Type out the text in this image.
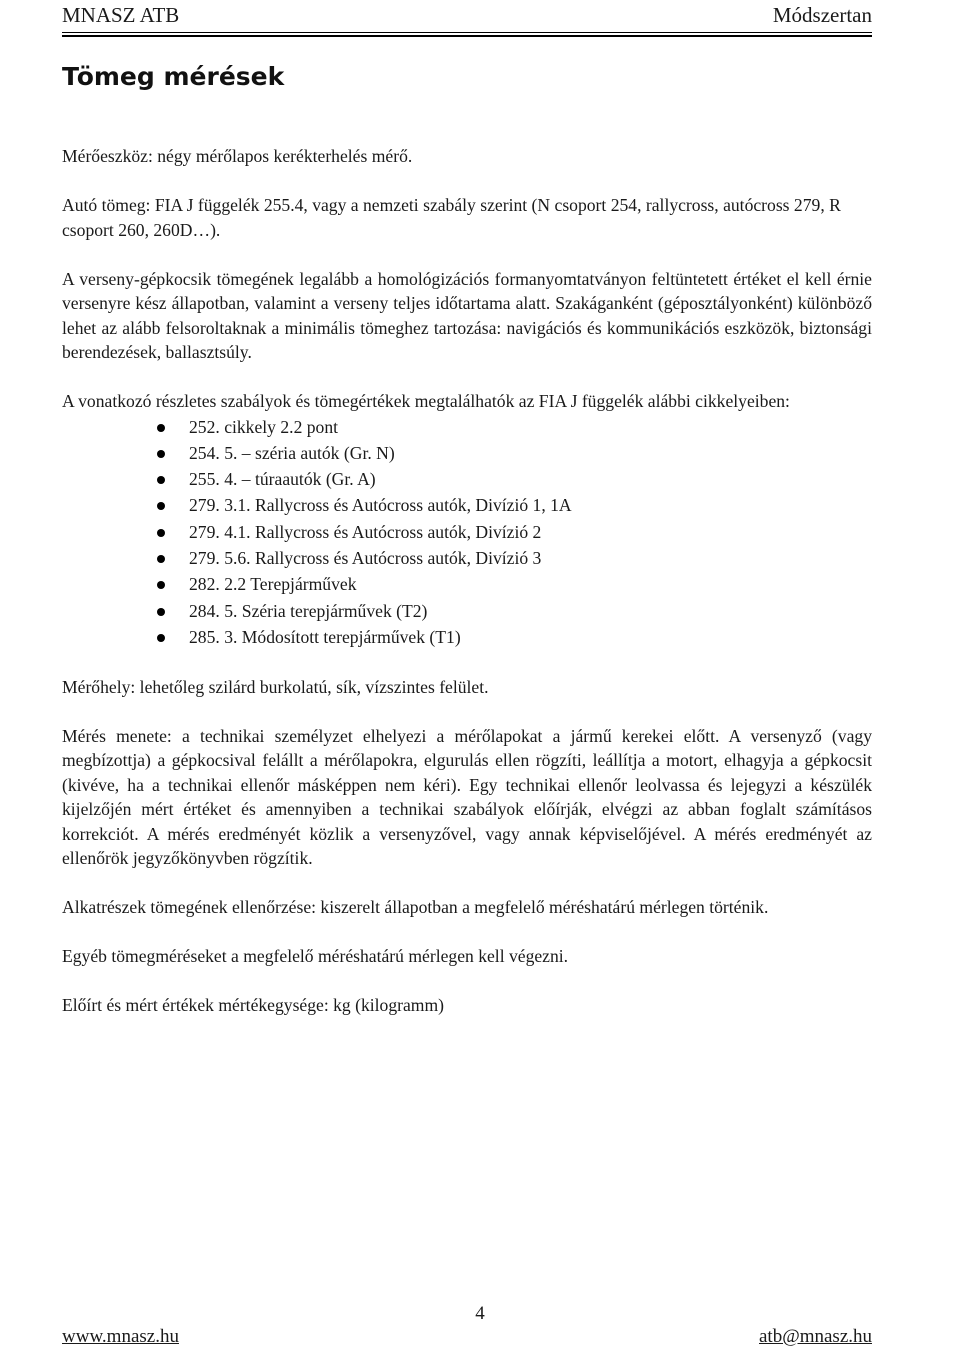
MNASZ ATB	Módszertan
Tömeg mérések

Mérőeszköz: négy mérőlapos kerékterhelés mérő.

Autó tömeg: FIA J függelék 255.4, vagy a nemzeti szabály szerint (N csoport 254, rallycross, autócross 279, R csoport 260, 260D…).

A verseny-gépkocsik tömegének legalább a homológizációs formanyomtatványon feltüntetett értéket el kell érnie versenyre kész állapotban, valamint a verseny teljes időtartama alatt. Szakáganként (géposztályonként) különböző lehet az alább felsoroltaknak a minimális tömeghez tartozása: navigációs és kommunikációs eszközök, biztonsági berendezések, ballasztsúly.

A vonatkozó részletes szabályok és tömegértékek megtalálhatók az FIA J függelék alábbi cikkelyeiben:

252. cikkely 2.2 pont
254. 5. – széria autók (Gr. N)
255. 4. – túraautók (Gr. A)
279. 3.1. Rallycross és Autócross autók, Divízió 1, 1A
279. 4.1. Rallycross és Autócross autók, Divízió 2
279. 5.6. Rallycross és Autócross autók, Divízió 3
282. 2.2 Terepjárművek
284. 5. Széria terepjárművek (T2)
285. 3. Módosított terepjárművek (T1)

Mérőhely: lehetőleg szilárd burkolatú, sík, vízszintes felület.

Mérés menete: a technikai személyzet elhelyezi a mérőlapokat a jármű kerekei előtt. A versenyző (vagy megbízottja) a gépkocsival felállt a mérőlapokra, elgurulás ellen rögzíti, leállítja a motort, elhagyja a gépkocsit (kivéve, ha a technikai ellenőr másképpen nem kéri). Egy technikai ellenőr leolvassa és lejegyzi a készülék kijelzőjén mért értéket és amennyiben a technikai szabályok előírják, elvégzi az abban foglalt számításos korrekciót. A mérés eredményét közlik a versenyzővel, vagy annak képviselőjével. A mérés eredményét az ellenőrök jegyzőkönyvben rögzítik.

Alkatrészek tömegének ellenőrzése: kiszerelt állapotban a megfelelő méréshatárú mérlegen történik.

Egyéb tömegméréseket a megfelelő méréshatárú mérlegen kell végezni.

Előírt és mért értékek mértékegysége: kg (kilogramm)

4
www.mnasz.hu	atb@mnasz.hu
